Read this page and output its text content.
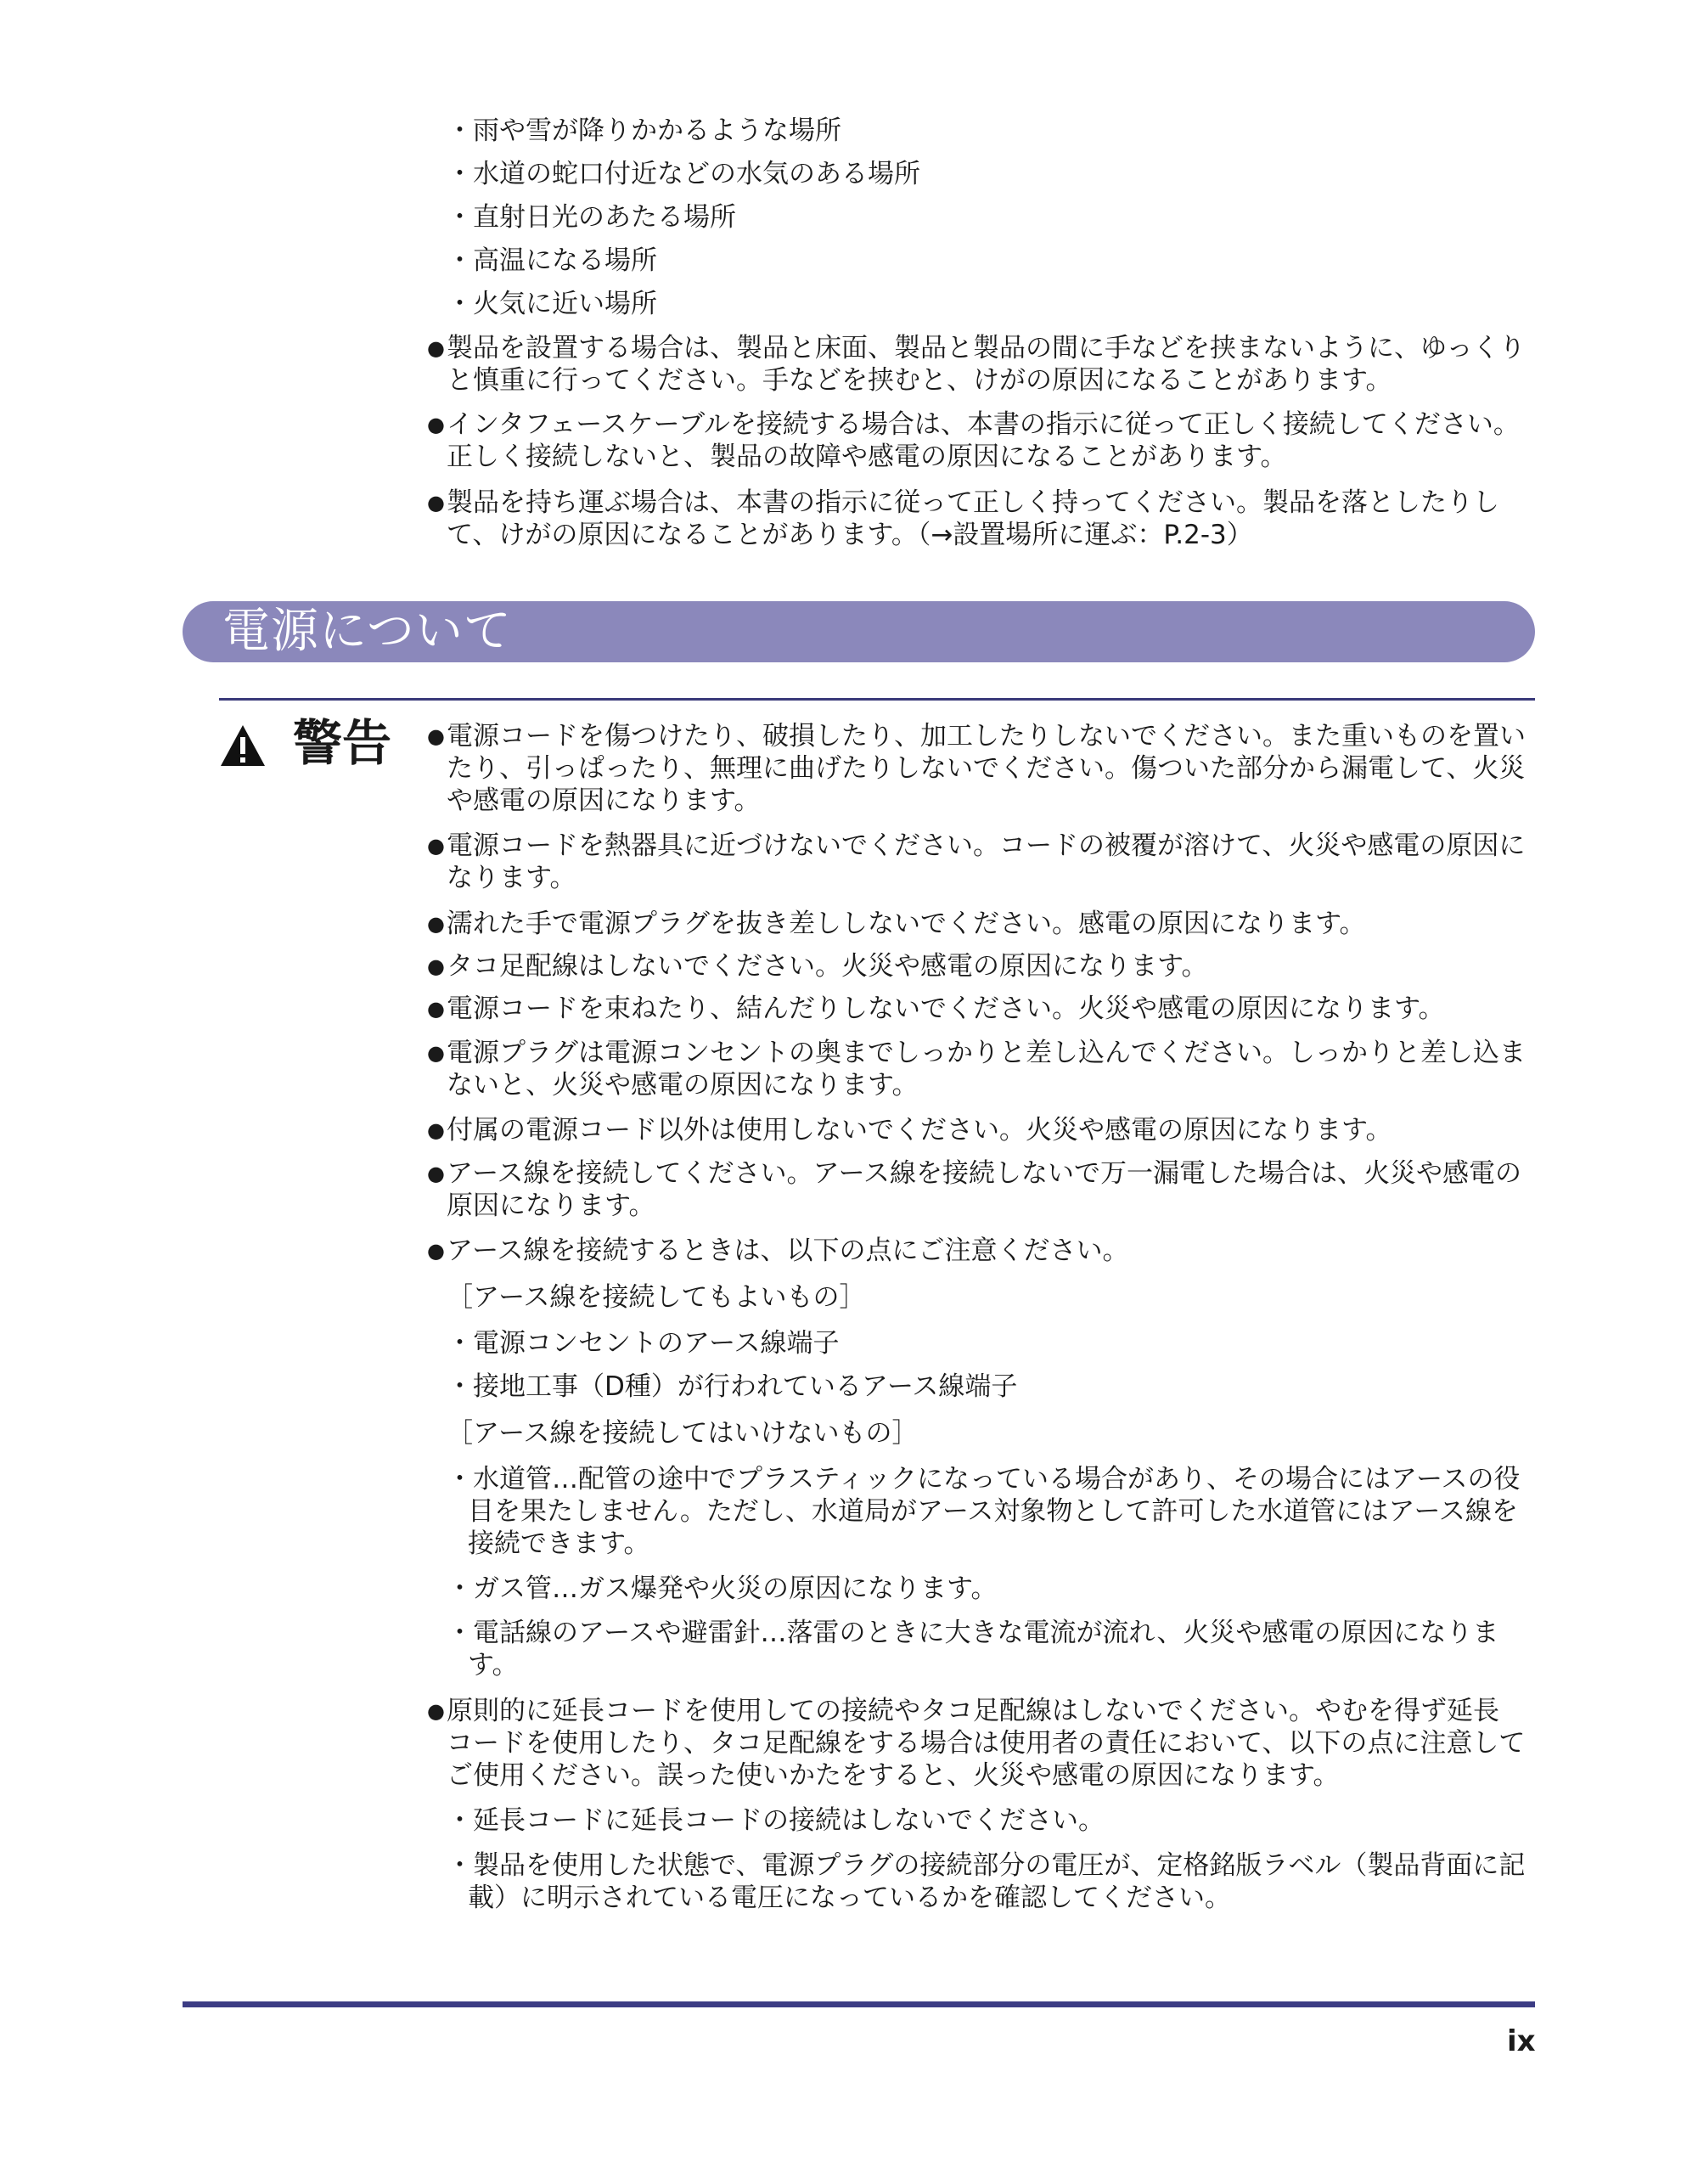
・雨や雪が降りかかるような場所
・水道の蛇口付近などの水気のある場所
・直射日光のあたる場所
・高温になる場所
・火気に近い場所
● 製品を設置する場合は、製品と床面、製品と製品の間に手などを挟まないように、ゆっくり
と慎重に行ってください。手などを挟むと、けがの原因になることがあります。
● インタフェースケーブルを接続する場合は、本書の指示に従って正しく接続してください。
正しく接続しないと、製品の故障や感電の原因になることがあります。
● 製品を持ち運ぶ場合は、本書の指示に従って正しく持ってください。製品を落としたりし
て、けがの原因になることがあります。（→設置場所に運ぶ：P.2-3）
電源について
警告 ● 電源コードを傷つけたり、破損したり、加工したりしないでください。また重いものを置い
たり、引っぱったり、無理に曲げたりしないでください。傷ついた部分から漏電して、火災
や感電の原因になります。
● 電源コードを熱器具に近づけないでください。コードの被覆が溶けて、火災や感電の原因に
なります。
● 濡れた手で電源プラグを抜き差ししないでください。感電の原因になります。
● タコ足配線はしないでください。火災や感電の原因になります。
● 電源コードを束ねたり、結んだりしないでください。火災や感電の原因になります。
● 電源プラグは電源コンセントの奥までしっかりと差し込んでください。しっかりと差し込ま
ないと、火災や感電の原因になります。
● 付属の電源コード以外は使用しないでください。火災や感電の原因になります。
● アース線を接続してください。アース線を接続しないで万一漏電した場合は、火災や感電の
原因になります。
● アース線を接続するときは、以下の点にご注意ください。
［アース線を接続してもよいもの］
・電源コンセントのアース線端子
・接地工事（D種）が行われているアース線端子
［アース線を接続してはいけないもの］
・水道管…配管の途中でプラスティックになっている場合があり、その場合にはアースの役
目を果たしません。ただし、水道局がアース対象物として許可した水道管にはアース線を
接続できます。
・ガス管…ガス爆発や火災の原因になります。
・電話線のアースや避雷針…落雷のときに大きな電流が流れ、火災や感電の原因になりま
す。
● 原則的に延長コードを使用しての接続やタコ足配線はしないでください。やむを得ず延長
コードを使用したり、タコ足配線をする場合は使用者の責任において、以下の点に注意して
ご使用ください。誤った使いかたをすると、火災や感電の原因になります。
・延長コードに延長コードの接続はしないでください。
・製品を使用した状態で、電源プラグの接続部分の電圧が、定格銘版ラベル（製品背面に記
載）に明示されている電圧になっているかを確認してください。
ix
